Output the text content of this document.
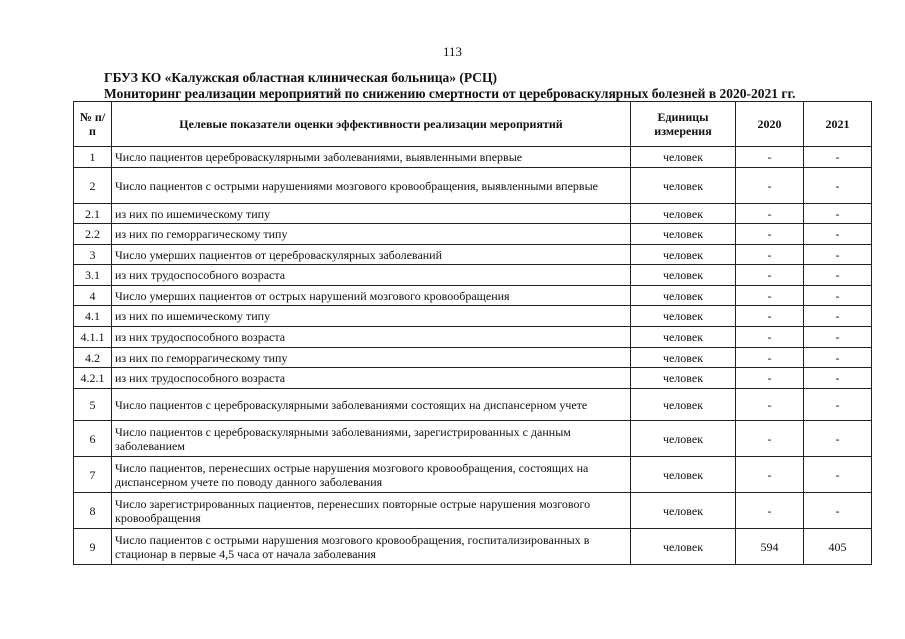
113
ГБУЗ КО «Калужская областная клиническая больница» (РСЦ)
Мониторинг реализации мероприятий по снижению смертности от цереброваскулярных болезней в 2020-2021 гг.
№ п/п	Целевые показатели оценки эффективности реализации мероприятий	Единицы измерения	2020	2021
1	Число пациентов цереброваскулярными заболеваниями, выявленными впервые	человек	-	-
2	Число пациентов с острыми нарушениями мозгового кровообращения, выявленными впервые	человек	-	-
2.1	из них по ишемическому типу	человек	-	-
2.2	из них по геморрагическому типу	человек	-	-
3	Число умерших пациентов от цереброваскулярных заболеваний	человек	-	-
3.1	из них трудоспособного возраста	человек	-	-
4	Число умерших пациентов от острых нарушений мозгового кровообращения	человек	-	-
4.1	из них по ишемическому типу	человек	-	-
4.1.1	из них трудоспособного возраста	человек	-	-
4.2	из них по геморрагическому типу	человек	-	-
4.2.1	из них трудоспособного возраста	человек	-	-
5	Число пациентов с цереброваскулярными заболеваниями состоящих на диспансерном учете	человек	-	-
6	Число пациентов с цереброваскулярными заболеваниями, зарегистрированных с данным заболеванием	человек	-	-
7	Число пациентов, перенесших острые нарушения мозгового кровообращения, состоящих на диспансерном учете по поводу данного заболевания	человек	-	-
8	Число зарегистрированных пациентов, перенесших повторные острые нарушения мозгового кровообращения	человек	-	-
9	Число пациентов с острыми нарушения мозгового кровообращения, госпитализированных в стационар в первые 4,5 часа от начала заболевания	человек	594	405
